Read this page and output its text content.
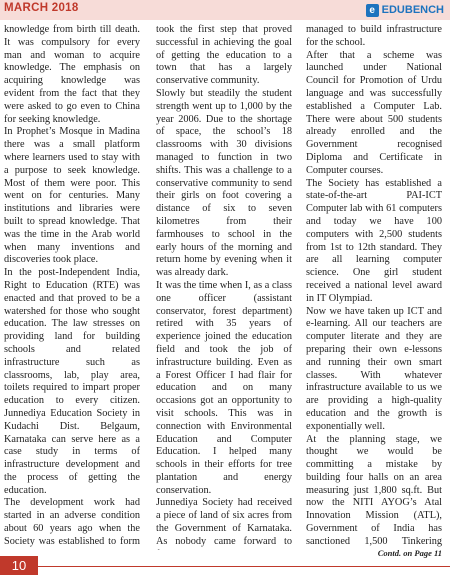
MARCH 2018	e EDUBENCH

knowledge from birth till death. It was compulsory for every man and woman to acquire knowledge. The emphasis on acquiring knowledge was evident from the fact that they were asked to go even to China for seeking knowledge.

In Prophet’s Mosque in Madina there was a small platform where learners used to stay with a purpose to seek knowledge. Most of them were poor. This went on for centuries. Many institutions and libraries were built to spread knowledge. That was the time in the Arab world when many inventions and discoveries took place.

In the post-Independent India, Right to Education (RTE) was enacted and that proved to be a watershed for those who sought education. The law stresses on providing land for building schools and related infrastructure such as classrooms, lab, play area, toilets required to impart proper education to every citizen. Junnediya Education Society in Kudachi Dist. Belgaum, Karnataka can serve here as a case study in terms of infrastructure development and the process of getting the education.

The development work had started in an adverse condition about 60 years ago when the Society was established to form

took the first step that proved successful in achieving the goal of getting the education to a town that has a largely conservative community.

Slowly but steadily the student strength went up to 1,000 by the year 2006. Due to the shortage of space, the school’s 18 classrooms with 30 divisions managed to function in two shifts. This was a challenge to a conservative community to send their girls on foot covering a distance of six to seven kilometres from their farmhouses to school in the early hours of the morning and return home by evening when it was already dark.

It was the time when I, as a class one officer (assistant conservator, forest department) retired with 35 years of experience joined the education field and took the job of infrastructure building. Even as a Forest Officer I had flair for education and on many occasions got an opportunity to visit schools. This was in connection with Environmental Education and Computer Education. I helped many schools in their efforts for tree plantation and energy conservation.

Junnediya Society had received a piece of land of six acres from the Government of Karnataka. As nobody came forward to

managed to build infrastructure for the school.

After that a scheme was launched under National Council for Promotion of Urdu language and was successfully established a Computer Lab. There were about 500 students already enrolled and the Government recognised Diploma and Certificate in Computer courses.

The Society has established a state-of-the-art PAI-ICT Computer lab with 61 computers and today we have 100 computers with 2,500 students from 1st to 12th standard. They are all learning computer science. One girl student received a national level award in IT Olympiad.

Now we have taken up ICT and e-learning. All our teachers are computer literate and they are preparing their own e-lessons and running their own smart classes. With whatever infrastructure available to us we are providing a high-quality education and the growth is exponentially well.

At the planning stage, we thought we would be committing a mistake by building four halls on an area measuring just 1,800 sq.ft. But now the NITI AYOG’s Atal Innovation Mission (ATL), Government of India has sanctioned 1,500 Tinkering

Contd. on Page 11
10
